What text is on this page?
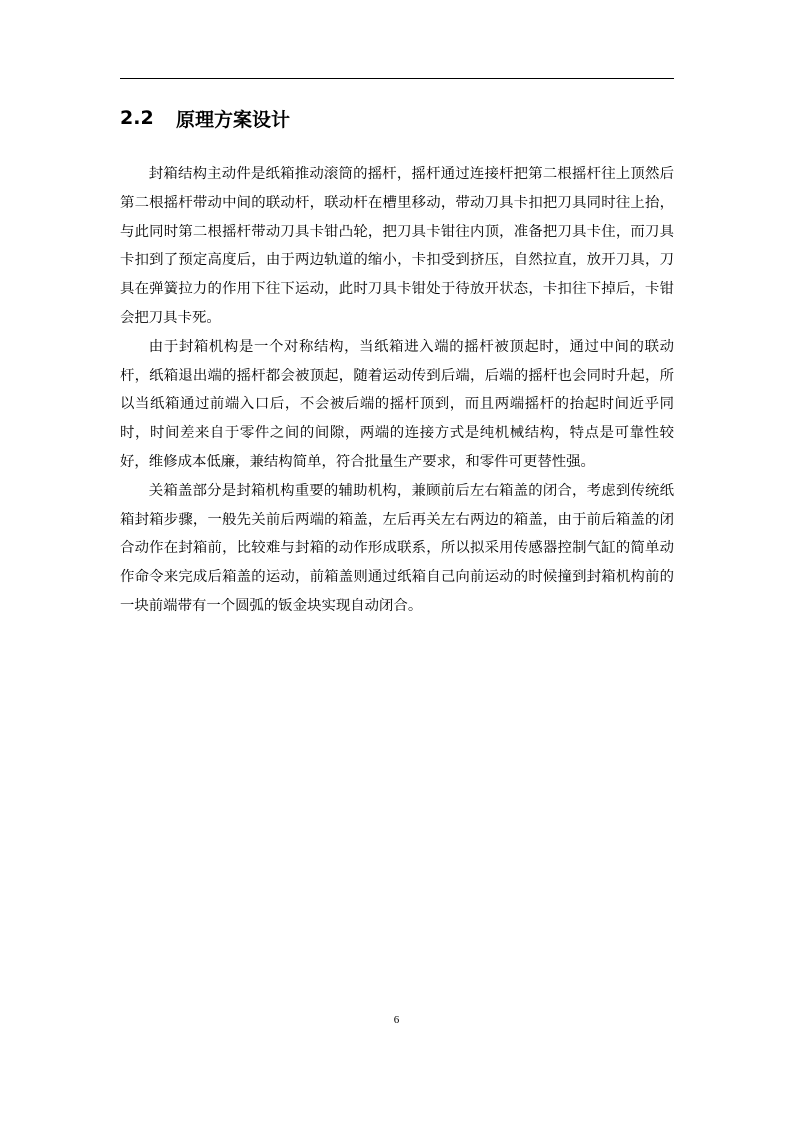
2.2	原理方案设计

封箱结构主动件是纸箱推动滚筒的摇杆，摇杆通过连接杆把第二根摇杆往上顶然后第二根摇杆带动中间的联动杆，联动杆在槽里移动，带动刀具卡扣把刀具同时往上抬，与此同时第二根摇杆带动刀具卡钳凸轮，把刀具卡钳往内顶，准备把刀具卡住，而刀具卡扣到了预定高度后，由于两边轨道的缩小，卡扣受到挤压，自然拉直，放开刀具，刀具在弹簧拉力的作用下往下运动，此时刀具卡钳处于待放开状态，卡扣往下掉后，卡钳会把刀具卡死。

由于封箱机构是一个对称结构，当纸箱进入端的摇杆被顶起时，通过中间的联动杆，纸箱退出端的摇杆都会被顶起，随着运动传到后端，后端的摇杆也会同时升起，所以当纸箱通过前端入口后，不会被后端的摇杆顶到，而且两端摇杆的抬起时间近乎同时，时间差来自于零件之间的间隙，两端的连接方式是纯机械结构，特点是可靠性较好，维修成本低廉，兼结构简单，符合批量生产要求，和零件可更替性强。

关箱盖部分是封箱机构重要的辅助机构，兼顾前后左右箱盖的闭合，考虑到传统纸箱封箱步骤，一般先关前后两端的箱盖，左后再关左右两边的箱盖，由于前后箱盖的闭合动作在封箱前，比较难与封箱的动作形成联系，所以拟采用传感器控制气缸的简单动作命令来完成后箱盖的运动，前箱盖则通过纸箱自己向前运动的时候撞到封箱机构前的一块前端带有一个圆弧的钣金块实现自动闭合。

6
